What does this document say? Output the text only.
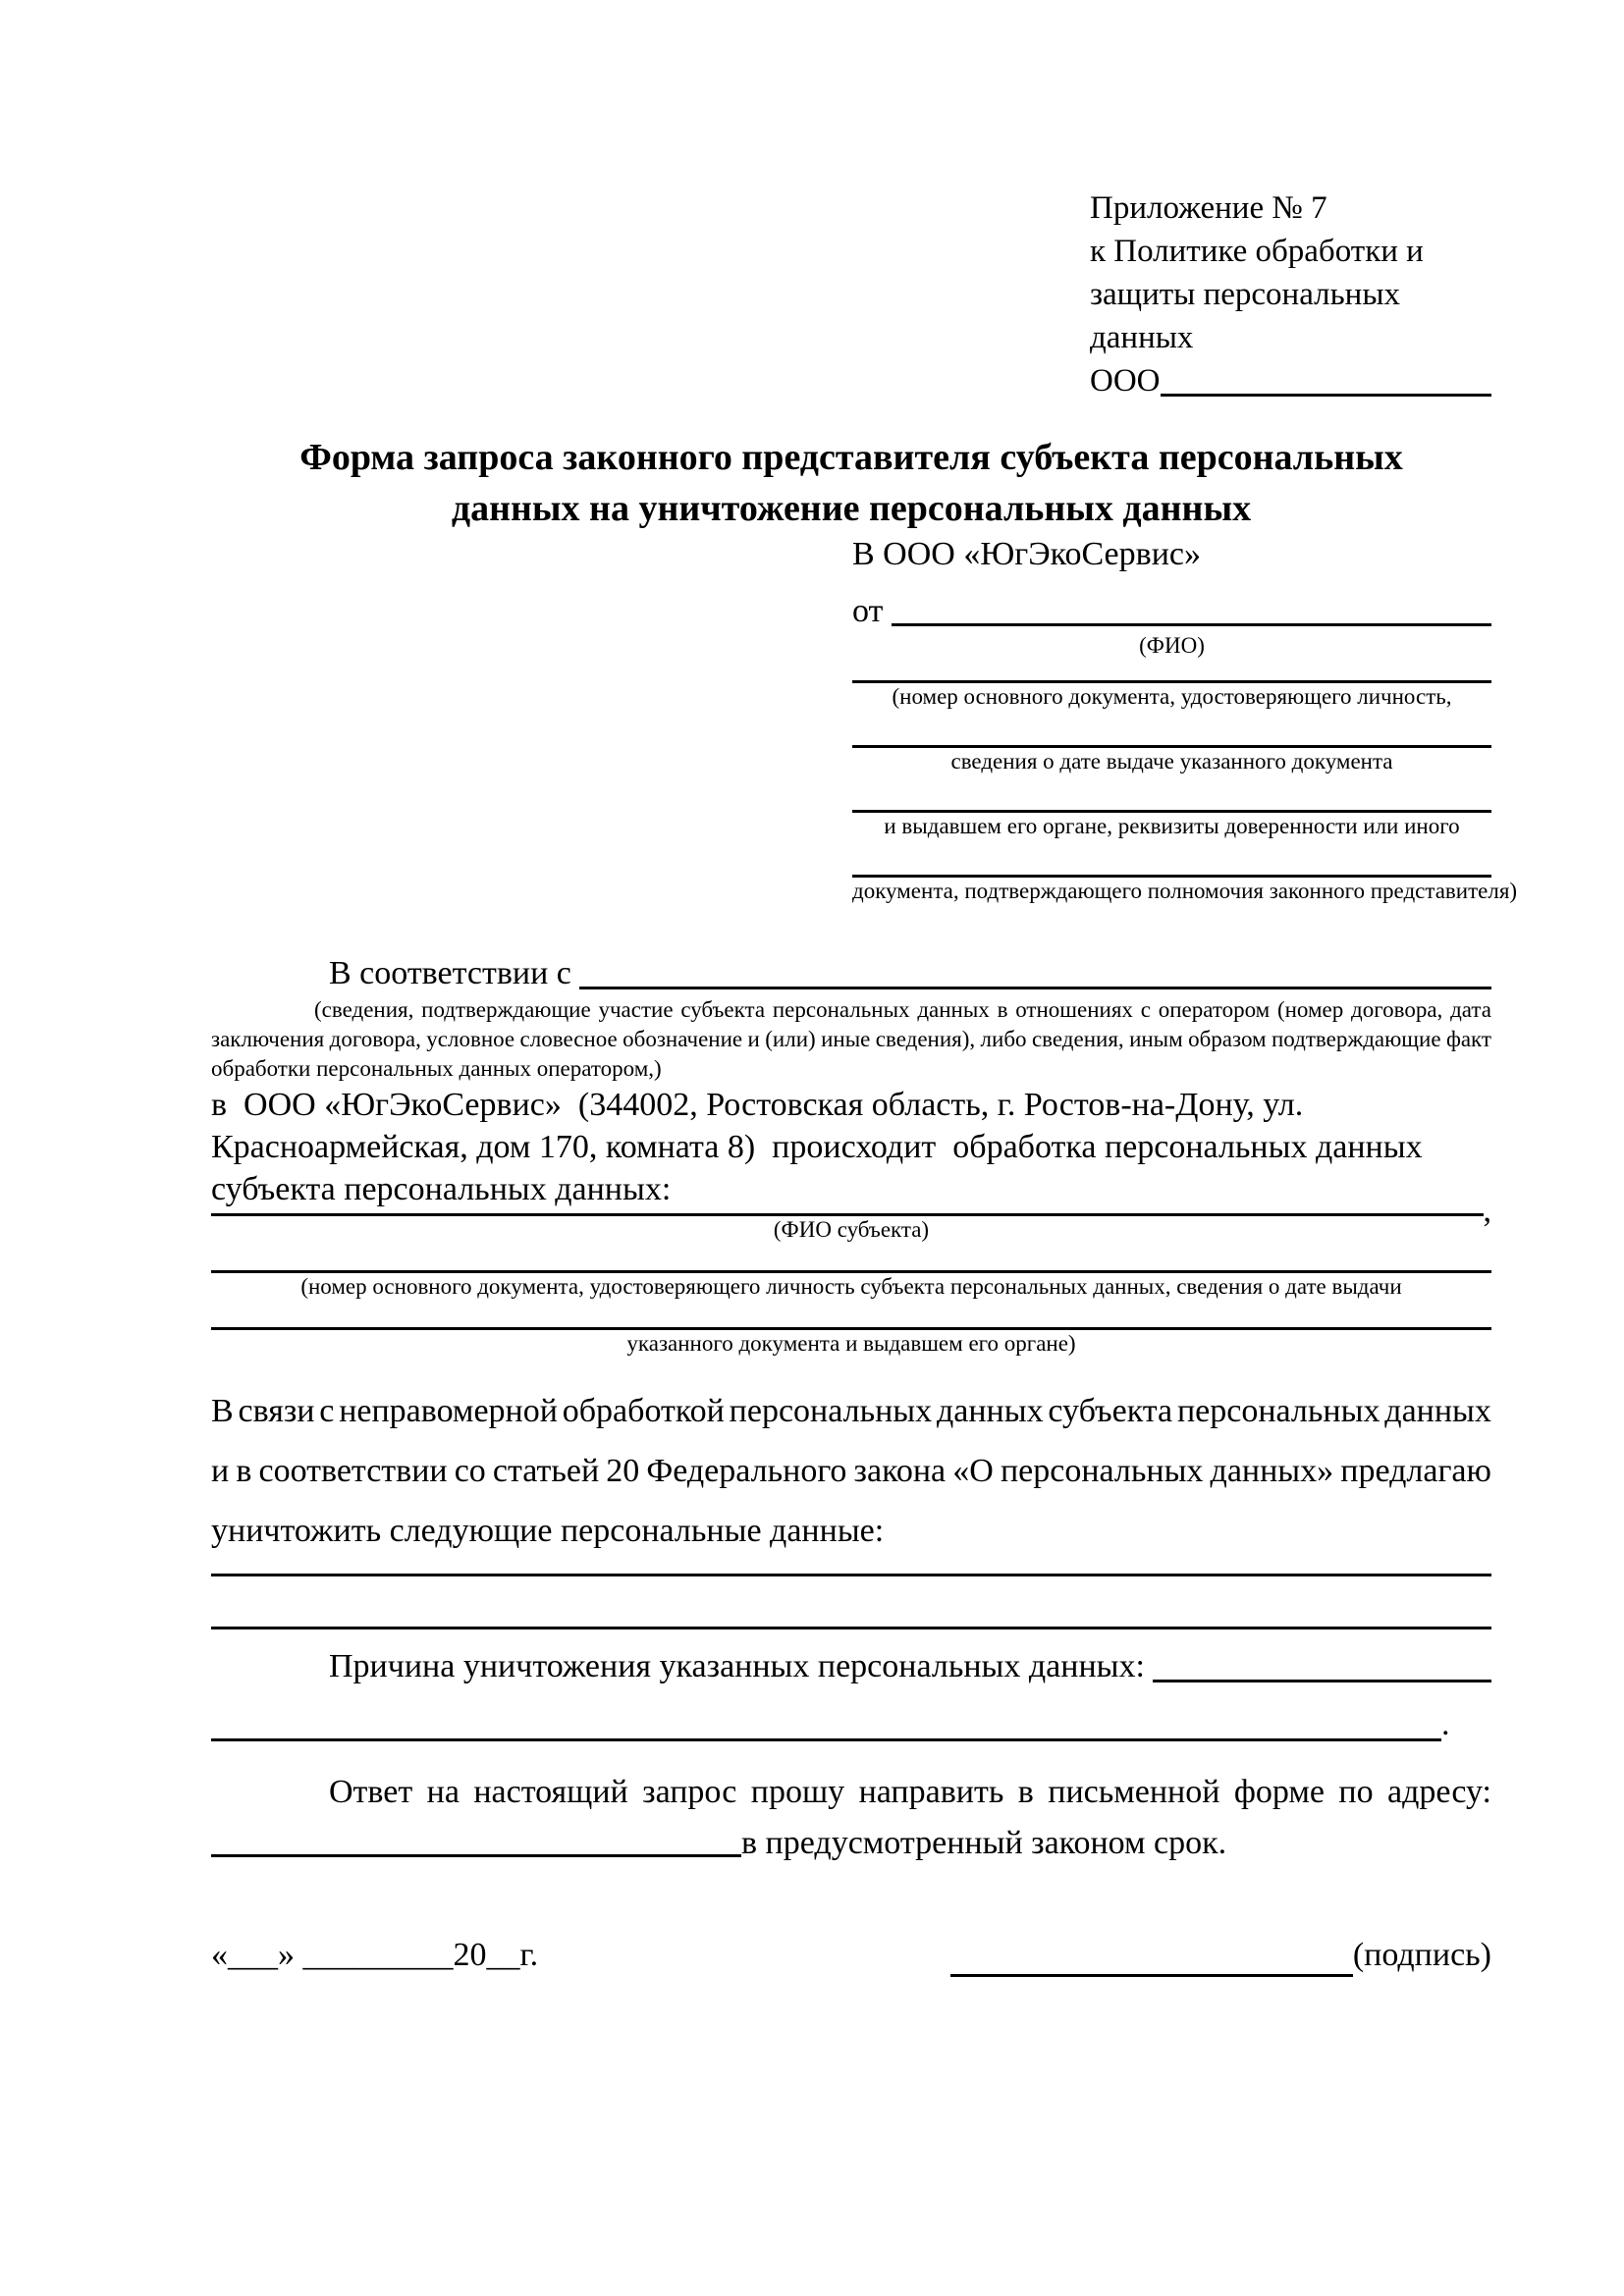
Приложение № 7
к Политике обработки и
защиты персональных данных
ООО
Форма запроса законного представителя субъекта персональных
данных на уничтожение персональных данных
В ООО «ЮгЭкоСервис»
от
(ФИО)
(номер основного документа, удостоверяющего личность,
сведения о дате выдаче указанного документа
и выдавшем его органе, реквизиты доверенности или иного
документа, подтверждающего полномочия законного представителя)
В соответствии с
(сведения, подтверждающие участие субъекта персональных данных в отношениях с оператором (номер договора, дата
заключения договора, условное словесное обозначение и (или) иные сведения), либо сведения, иным образом подтверждающие факт
обработки персональных данных оператором,)
в  ООО «ЮгЭкоСервис»  (344002, Ростовская область, г. Ростов-на-Дону, ул.
Красноармейская, дом 170, комната 8)  происходит  обработка персональных данных
субъекта персональных данных:
,
(ФИО субъекта)
(номер основного документа, удостоверяющего личность субъекта персональных данных, сведения о дате выдачи
указанного документа и выдавшем его органе)
В связи с неправомерной обработкой персональных данных субъекта персональных данных
и в соответствии со статьей 20 Федерального закона «О персональных данных» предлагаю
уничтожить следующие персональные данные:
Причина уничтожения указанных персональных данных:
.
Ответ на настоящий запрос прошу направить в письменной форме по адресу:
в предусмотренный законом срок.
«___» _________20__г.	(подпись)
